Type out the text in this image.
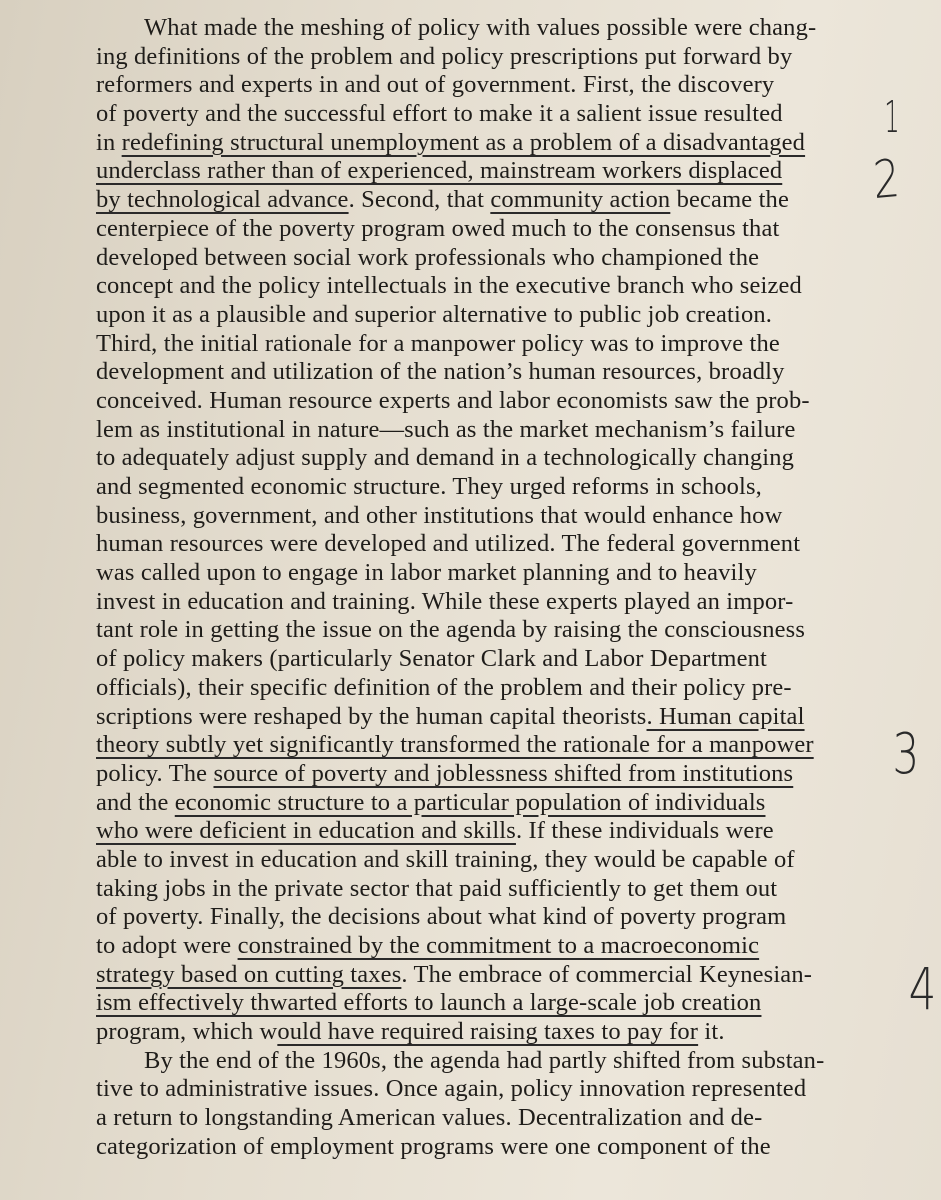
What made the meshing of policy with values possible were chang-
ing definitions of the problem and policy prescriptions put forward by
reformers and experts in and out of government. First, the discovery
of poverty and the successful effort to make it a salient issue resulted
in redefining structural unemployment as a problem of a disadvantaged
underclass rather than of experienced, mainstream workers displaced
by technological advance. Second, that community action became the
centerpiece of the poverty program owed much to the consensus that
developed between social work professionals who championed the
concept and the policy intellectuals in the executive branch who seized
upon it as a plausible and superior alternative to public job creation.
Third, the initial rationale for a manpower policy was to improve the
development and utilization of the nation’s human resources, broadly
conceived. Human resource experts and labor economists saw the prob-
lem as institutional in nature—such as the market mechanism’s failure
to adequately adjust supply and demand in a technologically changing
and segmented economic structure. They urged reforms in schools,
business, government, and other institutions that would enhance how
human resources were developed and utilized. The federal government
was called upon to engage in labor market planning and to heavily
invest in education and training. While these experts played an impor-
tant role in getting the issue on the agenda by raising the consciousness
of policy makers (particularly Senator Clark and Labor Department
officials), their specific definition of the problem and their policy pre-
scriptions were reshaped by the human capital theorists. Human capital
theory subtly yet significantly transformed the rationale for a manpower
policy. The source of poverty and joblessness shifted from institutions
and the economic structure to a particular population of individuals
who were deficient in education and skills. If these individuals were
able to invest in education and skill training, they would be capable of
taking jobs in the private sector that paid sufficiently to get them out
of poverty. Finally, the decisions about what kind of poverty program
to adopt were constrained by the commitment to a macroeconomic
strategy based on cutting taxes. The embrace of commercial Keynesian-
ism effectively thwarted efforts to launch a large-scale job creation
program, which would have required raising taxes to pay for it.
By the end of the 1960s, the agenda had partly shifted from substan-
tive to administrative issues. Once again, policy innovation represented
a return to longstanding American values. Decentralization and de-
categorization of employment programs were one component of the
1
2
3
4
